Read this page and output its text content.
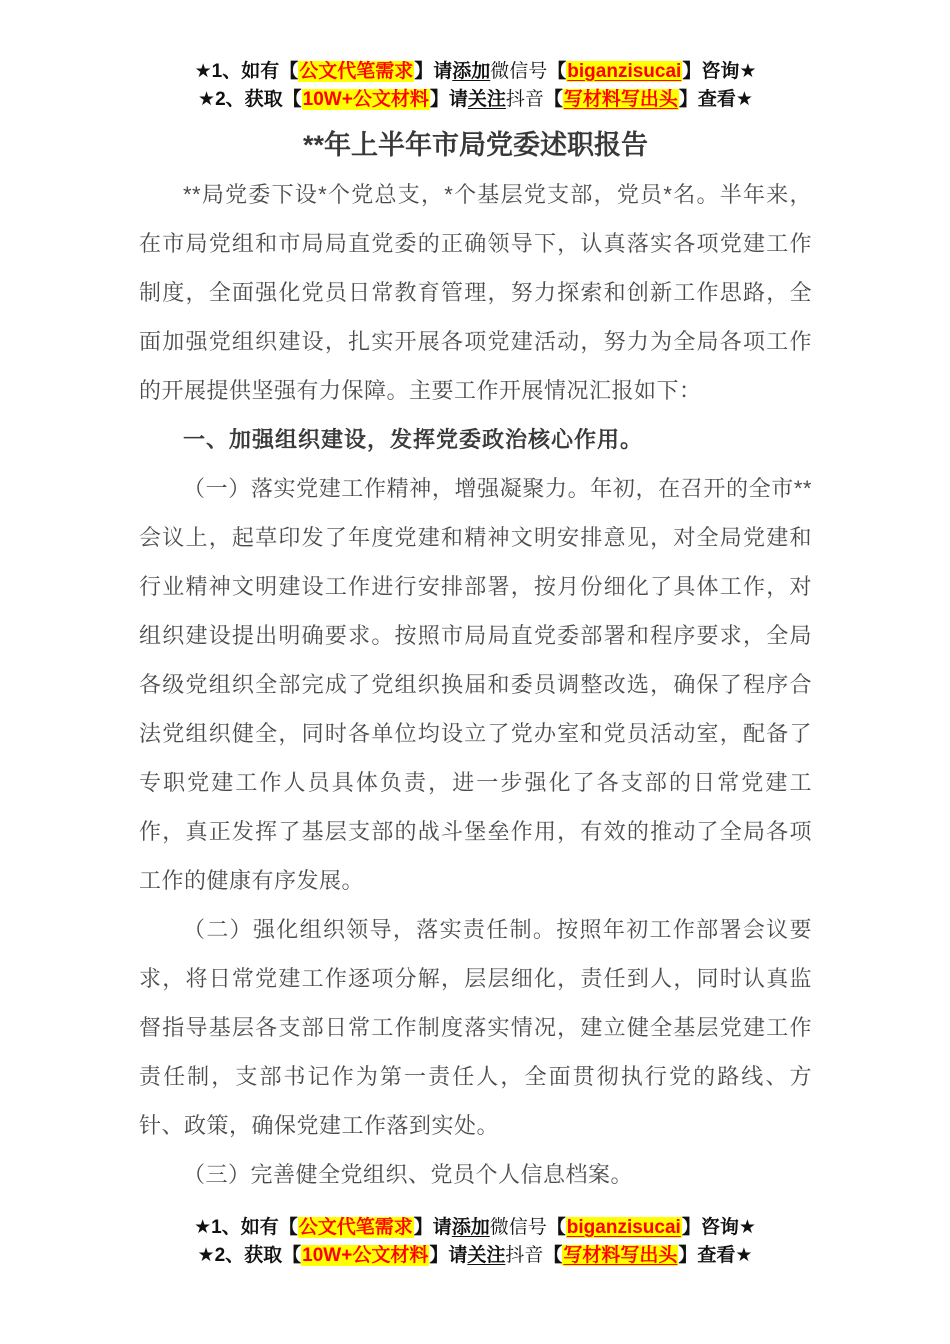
★1、如有【公文代笔需求】请添加微信号【biganzisucai】咨询★
★2、获取【10W+公文材料】请关注抖音【写材料写出头】查看★
**年上半年市局党委述职报告

**局党委下设*个党总支，*个基层党支部，党员*名。半年来，在市局党组和市局局直党委的正确领导下，认真落实各项党建工作制度，全面强化党员日常教育管理，努力探索和创新工作思路，全面加强党组织建设，扎实开展各项党建活动，努力为全局各项工作的开展提供坚强有力保障。主要工作开展情况汇报如下：

一、加强组织建设，发挥党委政治核心作用。

（一）落实党建工作精神，增强凝聚力。年初，在召开的全市**会议上，起草印发了年度党建和精神文明安排意见，对全局党建和行业精神文明建设工作进行安排部署，按月份细化了具体工作，对组织建设提出明确要求。按照市局局直党委部署和程序要求，全局各级党组织全部完成了党组织换届和委员调整改选，确保了程序合法党组织健全，同时各单位均设立了党办室和党员活动室，配备了专职党建工作人员具体负责，进一步强化了各支部的日常党建工作，真正发挥了基层支部的战斗堡垒作用，有效的推动了全局各项工作的健康有序发展。

（二）强化组织领导，落实责任制。按照年初工作部署会议要求，将日常党建工作逐项分解，层层细化，责任到人，同时认真监督指导基层各支部日常工作制度落实情况，建立健全基层党建工作责任制，支部书记作为第一责任人，全面贯彻执行党的路线、方针、政策，确保党建工作落到实处。

（三）完善健全党组织、党员个人信息档案。

★1、如有【公文代笔需求】请添加微信号【biganzisucai】咨询★
★2、获取【10W+公文材料】请关注抖音【写材料写出头】查看★
